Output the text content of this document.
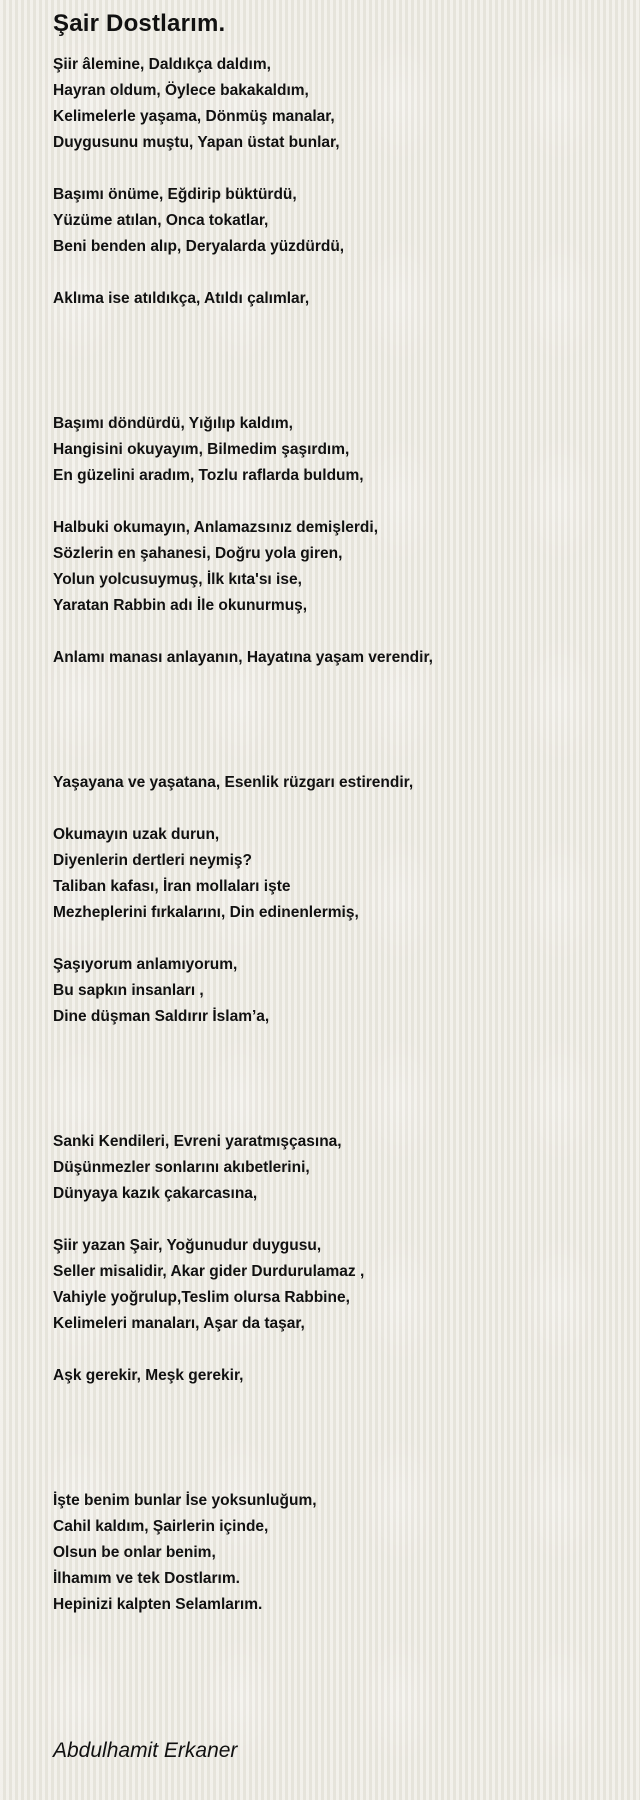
Şair Dostlarım.
Şiir âlemine, Daldıkça daldım,
Hayran oldum, Öylece bakakaldım,
Kelimelerle yaşama, Dönmüş manalar,
Duygusunu muştu, Yapan üstat bunlar,
Başımı önüme, Eğdirip büktürdü,
Yüzüme atılan, Onca tokatlar,
Beni benden alıp, Deryalarda yüzdürdü,
Aklıma ise atıldıkça, Atıldı çalımlar,
Başımı döndürdü, Yığılıp kaldım,
Hangisini okuyayım, Bilmedim şaşırdım,
En güzelini aradım, Tozlu raflarda buldum,
Halbuki okumayın, Anlamazsınız demişlerdi,
Sözlerin en şahanesi, Doğru yola giren,
Yolun yolcusuymuş, İlk kıta'sı ise,
Yaratan Rabbin adı İle okunurmuş,
Anlamı manası anlayanın, Hayatına yaşam verendir,
Yaşayana ve yaşatana, Esenlik rüzgarı estirendir,
Okumayın uzak durun,
Diyenlerin dertleri neymiş?
Taliban kafası, İran mollaları işte
Mezheplerini fırkalarını, Din edinenlermiş,
Şaşıyorum anlamıyorum,
Bu sapkın insanları ,
Dine düşman Saldırır İslam’a,
Sanki Kendileri, Evreni yaratmışçasına,
Düşünmezler sonlarını akıbetlerini,
Dünyaya kazık çakarcasına,
Şiir yazan Şair, Yoğunudur duygusu,
Seller misalidir, Akar gider Durdurulamaz ,
Vahiyle yoğrulup,Teslim olursa Rabbine,
Kelimeleri manaları, Aşar da taşar,
Aşk gerekir, Meşk gerekir,
İşte benim bunlar İse yoksunluğum,
Cahil kaldım, Şairlerin içinde,
Olsun be onlar benim,
İlhamım ve tek Dostlarım.
Hepinizi kalpten Selamlarım.

Abdulhamit Erkaner
